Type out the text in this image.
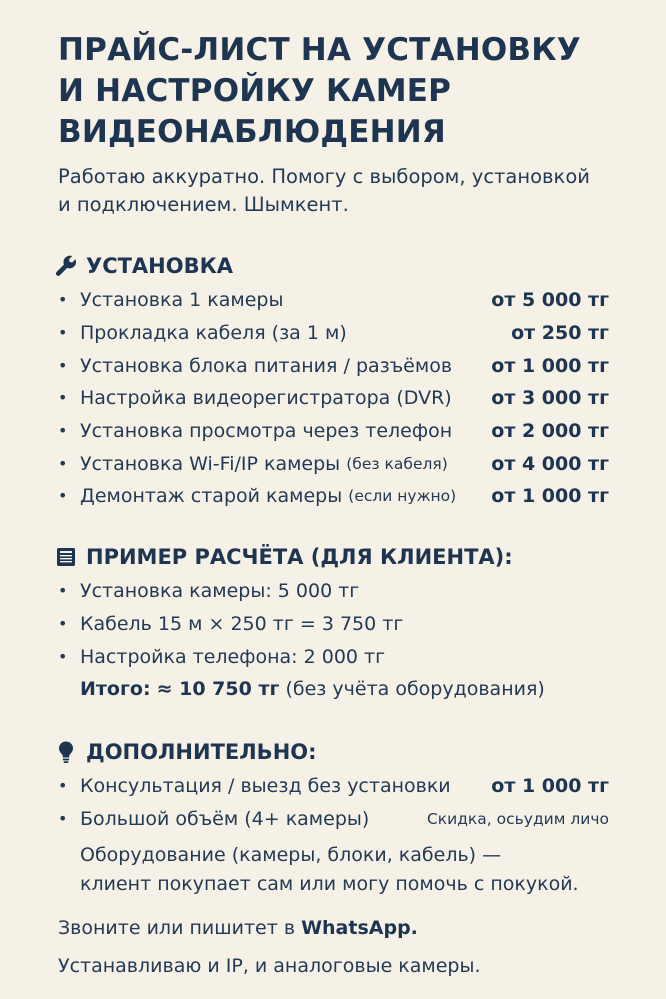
ПРАЙС-ЛИСТ НА УСТАНОВКУ
И НАСТРОЙКУ КАМЕР
ВИДЕОНАБЛЮДЕНИЯ
Работаю аккуратно. Помогу с выбором, установкой
и подключением. Шымкент.
УСТАНОВКА
• Установка 1 камеры	от 5 000 тг
• Прокладка кабеля (за 1 м)	от 250 тг
• Установка блока питания / разъёмов от 1 000 тг
• Настройка видеорегистратора (DVR) от 3 000 тг
• Установка просмотра через телефон от 2 000 тг
• Установка Wi-Fi/IP камеры
(без кабеля) от 4 000 тг
• Демонтаж старой камеры
(если нужно) от 1 000 тг
ПРИМЕР РАСЧЁТА (ДЛЯ КЛИЕНТА):
• Установка камеры: 5 000 тг
• Кабель 15 м × 250 тг = 3 750 тг
• Настройка телефона: 2 000 тг
Итого:
≈ 10 750 тг
(без учёта оборудования)
ДОПОЛНИТЕЛЬНО:
• Консультация / выезд без установки от 1 000 тг
• Большой объём (4+ камеры)	Скидка, осьудим личо
Оборудование (камеры, блоки, кабель) —
клиент покупает сам или могу помочь с покукой.
Звоните или пишитет в WhatsApp.
Устанавливаю и IP, и аналоговые камеры.
